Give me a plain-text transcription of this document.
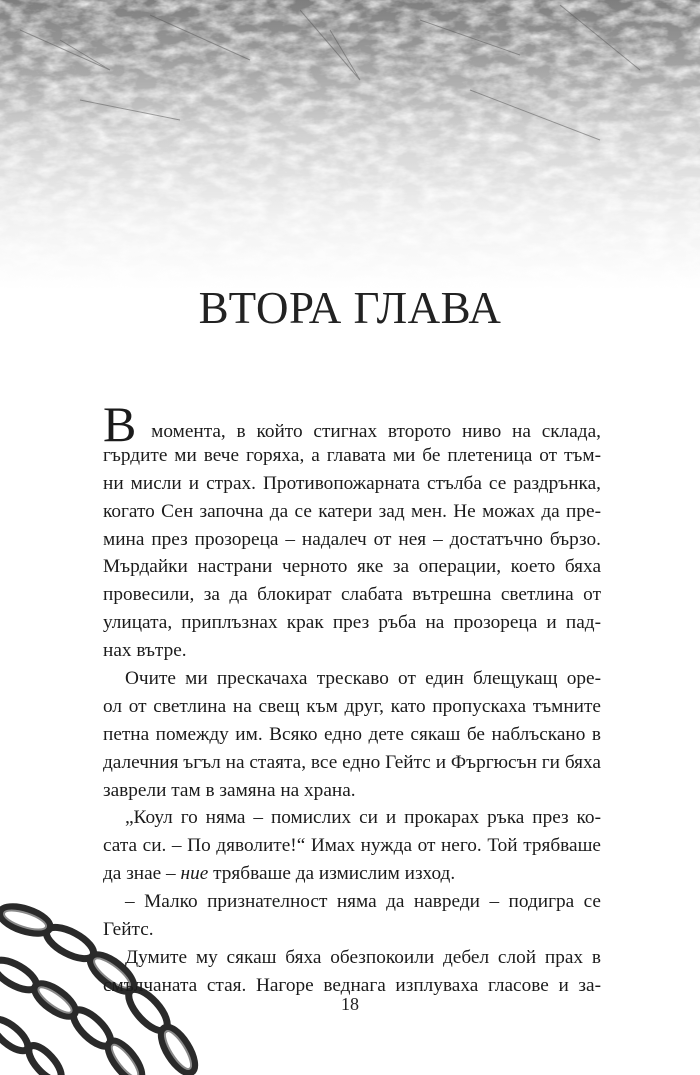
ВТОРА ГЛАВА
В момента, в който стигнах второто ниво на склада,
гърдите ми вече горяха, а главата ми бе плетеница от тъм-
ни мисли и страх. Противопожарната стълба се раздрънка,
когато Сен започна да се катери зад мен. Не можах да пре-
мина през прозореца – надалеч от нея – достатъчно бързо.
Мърдайки настрани черното яке за операции, което бяха
провесили, за да блокират слабата вътрешна светлина от
улицата, приплъзнах крак през ръба на прозореца и пад-
нах вътре.
Очите ми прескачаха трескаво от един блещукащ оре-
ол от светлина на свещ към друг, като пропускаха тъмните
петна помежду им. Всяко едно дете сякаш бе наблъскано в
далечния ъгъл на стаята, все едно Гейтс и Фъргюсън ги бяха
заврели там в замяна на храна.
„Коул го няма – помислих си и прокарах ръка през ко-
сата си. – По дяволите!“ Имах нужда от него. Той трябваше
да знае – ние трябваше да измислим изход.
– Малко признателност няма да навреди – подигра се
Гейтс.
Думите му сякаш бяха обезпокоили дебел слой прах в
смълчаната стая. Нагоре веднага изплуваха гласове и за-
18
